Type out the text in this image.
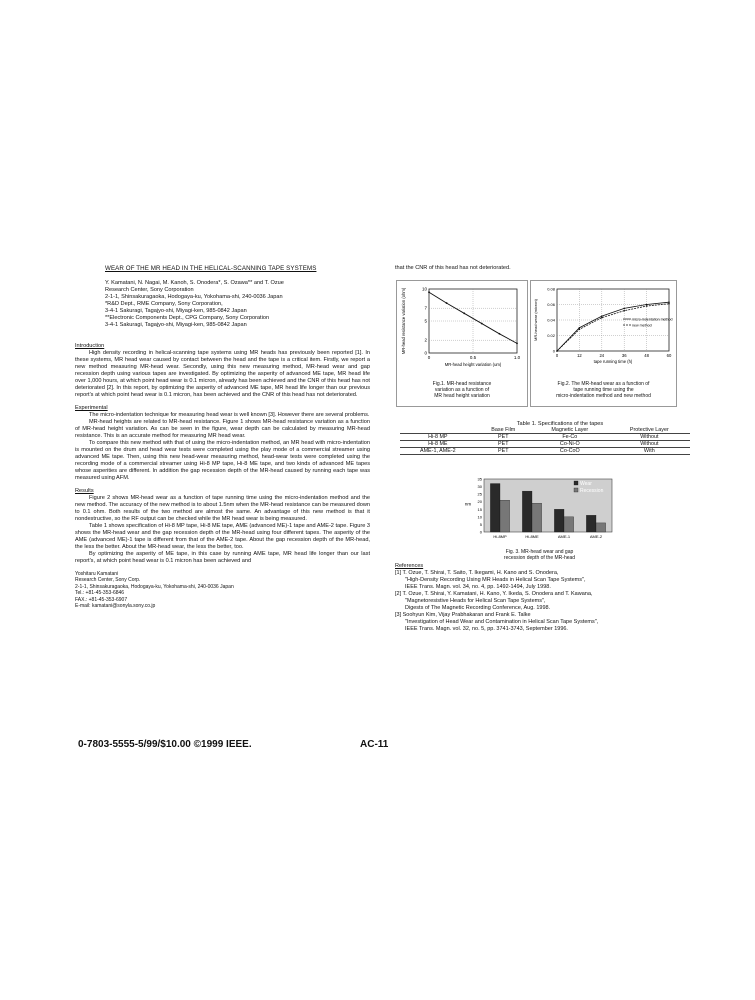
WEAR OF THE MR HEAD IN THE HELICAL-SCANNING TAPE SYSTEMS
Y. Kamatani, N. Nagai, M. Kanoh, S. Onodera*, S. Ozawa** and T. Ozue
Research Center, Sony Corporation
2-1-1, Shinsakuragaoka, Hodogaya-ku, Yokohama-shi, 240-0036 Japan
*R&D Dept., RME Company, Sony Corporation,
3-4-1 Sakuragi, Tagajyo-shi, Miyagi-ken, 985-0842 Japan
**Electronic Components Dept., CPG Company, Sony Corporation
3-4-1 Sakuragi, Tagajyo-shi, Miyagi-ken, 985-0842 Japan
Introduction

High density recording in helical-scanning tape systems using MR heads has previously been reported [1]. In these systems, MR head wear caused by contact between the head and the tape is a critical item. Firstly, we report a new method measuring MR-head wear. Secondly, using this new measuring method, MR-head wear and gap recession depth using various tapes are investigated. By optimizing the asperity of advanced ME tape, MR head life over 1,000 hours, at which point head wear is 0.1 micron, already has been achieved and the CNR of this head has not deteriorated [2]. In this report, by optimizing the asperity of advanced ME tape, MR head life longer than our previous report's at which point head wear is 0.1 micron, has been achieved and the CNR of this head has not deteriorated.

Experimental

The micro-indentation technique for measuring head wear is well known [3]. However there are several problems.

MR-head heights are related to MR-head resistance. Figure 1 shows MR-head resistance variation as a function of MR-head height variation. As can be seen in the figure, wear depth can be calculated by measuring MR-head resistance. This is an accurate method for measuring MR head wear.

To compare this new method with that of using the micro-indentation method, an MR head with micro-indentation is mounted on the drum and head wear tests were completed using the play mode of a commercial streamer using advanced ME tape. Then, using this new head-wear measuring method, head-wear tests were completed using the recording mode of a commercial streamer using Hi-8 MP tape, Hi-8 ME tape, and two kinds of advanced ME tapes whose asperities are different. In addition the gap recession depth of the MR-head caused by running each tape was measured using AFM.

Results

Figure 2 shows MR-head wear as a function of tape running time using the micro-indentation method and the new method. The accuracy of the new method is to about 1.5nm when the MR-head resistance can be measured down to 0.1 ohm. Both results of the two method are almost the same. An advantage of this new method is that it nondestructive, so the RF output can be checked while the MR head wear is being measured.

Table 1 shows specification of Hi-8 MP tape, Hi-8 ME tape, AME (advanced ME)-1 tape and AME-2 tape. Figure 3 shows the MR-head wear and the gap recession depth of the MR-head using four different tapes. The asperity of the AME (advanced ME)-1 tape is different from that of the AME-2 tape. About the gap recession depth of the MR-head, the less the better. About the MR-head wear, the less the better, too.

By optimizing the asperity of ME tape, in this case by running AME tape, MR head life longer than our last report's, at which point head wear is 0.1 micron has been achieved and

Yoshitaru Kamatani
Research Center, Sony Corp.
2-1-1, Shinsakuragaoka, Hodogaya-ku, Yokohama-shi, 240-0036 Japan
Tel.: +81-45-353-6846
FAX.: +81-45-353-6907
E-mail: kamatani@sonyla.sony.co.jp
0-7803-5555-5/99/$10.00 ©1999 IEEE.	AC-11
that the CNR of this head has not deteriorated.
10
7
5
2
0
0	0.5	1.0
MR-head resistance variation (ohm)
MR-head height variation (um)
Fig.1. MR-head resistance
variation as a function of
MR head height variation
0.08
0.06
0.04
0.02
0
0	12	24	36	48	60
MR-head wear (micron)
tape running time (h)
micro-indentation method
new method
Fig.2. The MR-head wear as a function of
tape running time using the
micro-indentation method and new method
Table 1. Specifications of the tapes
	Base Film	Magnetic Layer	Protective Layer
Hi-8 MP	PET	Fe-Co	Without
Hi-8 ME	PET	Co-Ni-O	Without
AME-1, AME-2	PET	Co-CoO	With
35
30
25
20
15
10
5
0
nm
Hi-8MP	Hi-8ME	AME-1	AME-2
Wear
Recession
Fig. 3. MR-head wear and gap
recession depth of the MR-head
References
[1] T. Ozue, T. Shirai, T. Saito, T. Ikegami, H. Kano and S. Onodera,
"High-Density Recording Using MR Heads in Helical Scan Tape Systems",
IEEE Trans. Magn. vol. 34, no. 4, pp. 1492-1494, July 1998.
[2] T. Ozue, T. Shirai, Y. Kamatani, H. Kano, Y. Ikeda, S. Onodera and T. Kawana,
"Magnetoresistive Heads for Helical Scan Tape Systems",
Digests of The Magnetic Recording Conference, Aug. 1998.
[3] Soohyun Kim, Vijay Prabhakaran and Frank E. Talke
"Investigation of Head Wear and Contamination in Helical Scan Tape Systems",
IEEE Trans. Magn. vol. 32, no. 5, pp. 3741-3743, September 1996.
